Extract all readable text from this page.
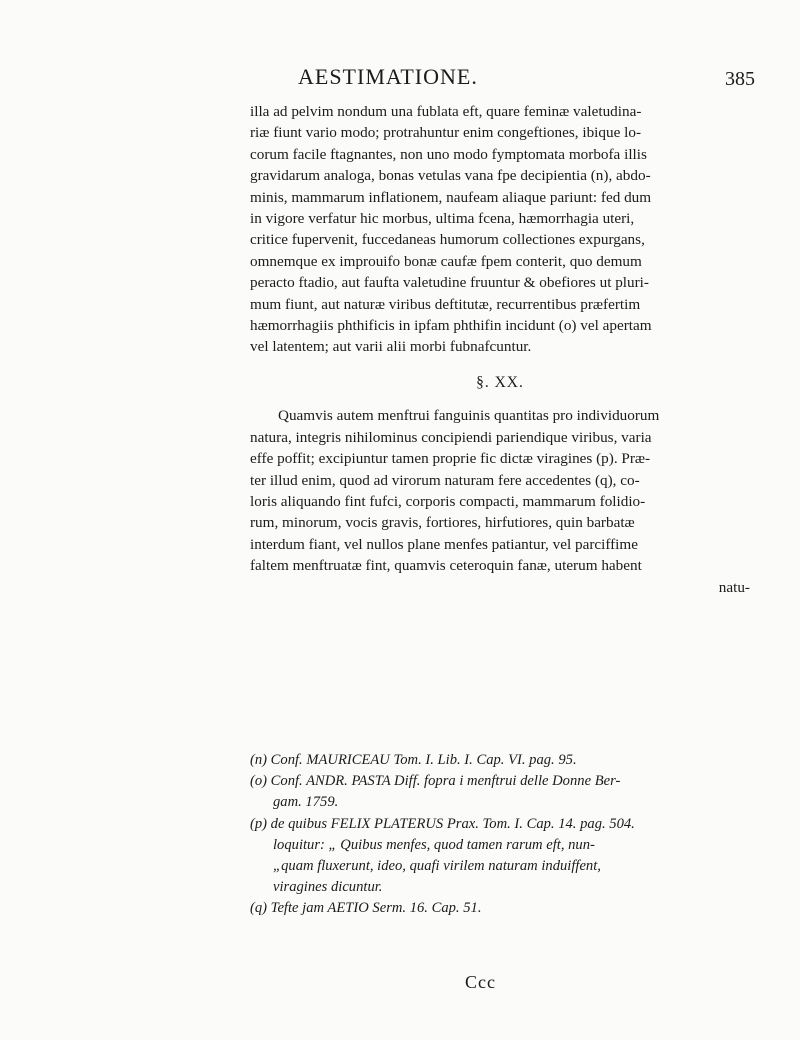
AESTIMATIONE.	385
illa ad pelvim nondum una fublata eft, quare feminæ valetudina-
riæ fiunt vario modo; protrahuntur enim congeftiones, ibique lo-
corum facile ftagnantes, non uno modo fymptomata morbofa illis
gravidarum analoga, bonas vetulas vana fpe decipientia (n), abdo-
minis, mammarum inflationem, naufeam aliaque pariunt: fed dum
in vigore verfatur hic morbus, ultima fcena, hæmorrhagia uteri,
critice fupervenit, fuccedaneas humorum collectiones expurgans,
omnemque ex improuifo bonæ caufæ fpem conterit, quo demum
peracto ftadio, aut faufta valetudine fruuntur & obefiores ut pluri-
mum fiunt, aut naturæ viribus deftitutæ, recurrentibus præfertim
hæmorrhagiis phthificis in ipfam phthifin incidunt (o) vel apertam
vel latentem; aut varii alii morbi fubnafcuntur.
§. XX.
Quamvis autem menftrui fanguinis quantitas pro individuorum
natura, integris nihilominus concipiendi pariendique viribus, varia
effe poffit; excipiuntur tamen proprie fic dictæ viragines (p). Præ-
ter illud enim, quod ad virorum naturam fere accedentes (q), co-
loris aliquando fint fufci, corporis compacti, mammarum folidio-
rum, minorum, vocis gravis, fortiores, hirfutiores, quin barbatæ
interdum fiant, vel nullos plane menfes patiantur, vel parciffime
faltem menftruatæ fint, quamvis ceteroquin fanæ, uterum habent
natu-
(n) Conf. MAURICEAU Tom. I. Lib. I. Cap. VI. pag. 95.
(o) Conf. ANDR. PASTA Diff. fopra i menftrui delle Donne Ber-
gam. 1759.
(p) de quibus FELIX PLATERUS Prax. Tom. I. Cap. 14. pag. 504.
loquitur: „ Quibus menfes, quod tamen rarum eft, nun-
„quam fluxerunt, ideo, quafi virilem naturam induiffent,
viragines dicuntur.
(q) Tefte jam AETIO Serm. 16. Cap. 51.
Ccc
